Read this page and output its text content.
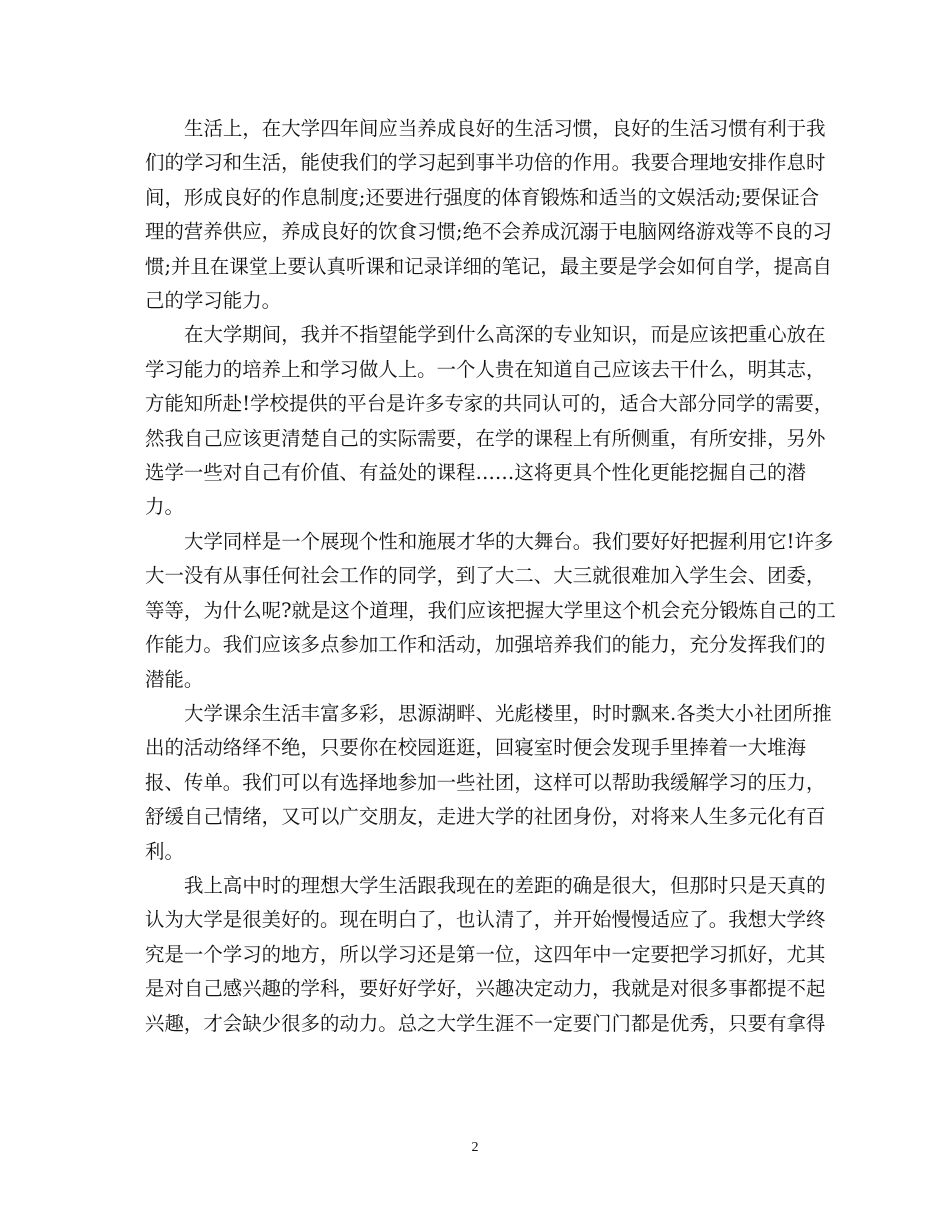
生活上，在大学四年间应当养成良好的生活习惯，良好的生活习惯有利于我
们的学习和生活，能使我们的学习起到事半功倍的作用。我要合理地安排作息时
间，形成良好的作息制度;还要进行强度的体育锻炼和适当的文娱活动;要保证合
理的营养供应，养成良好的饮食习惯;绝不会养成沉溺于电脑网络游戏等不良的习
惯;并且在课堂上要认真听课和记录详细的笔记，最主要是学会如何自学，提高自
己的学习能力。

在大学期间，我并不指望能学到什么高深的专业知识，而是应该把重心放在
学习能力的培养上和学习做人上。一个人贵在知道自己应该去干什么，明其志，
方能知所赴!学校提供的平台是许多专家的共同认可的，适合大部分同学的需要，
然我自己应该更清楚自己的实际需要，在学的课程上有所侧重，有所安排，另外
选学一些对自己有价值、有益处的课程……这将更具个性化更能挖掘自己的潜
力。

大学同样是一个展现个性和施展才华的大舞台。我们要好好把握利用它!许多
大一没有从事任何社会工作的同学，到了大二、大三就很难加入学生会、团委，
等等，为什么呢?就是这个道理，我们应该把握大学里这个机会充分锻炼自己的工
作能力。我们应该多点参加工作和活动，加强培养我们的能力，充分发挥我们的
潜能。

大学课余生活丰富多彩，思源湖畔、光彪楼里，时时飘来.各类大小社团所推
出的活动络绎不绝，只要你在校园逛逛，回寝室时便会发现手里捧着一大堆海
报、传单。我们可以有选择地参加一些社团，这样可以帮助我缓解学习的压力，
舒缓自己情绪，又可以广交朋友，走进大学的社团身份，对将来人生多元化有百
利。

我上高中时的理想大学生活跟我现在的差距的确是很大，但那时只是天真的
认为大学是很美好的。现在明白了，也认清了，并开始慢慢适应了。我想大学终
究是一个学习的地方，所以学习还是第一位，这四年中一定要把学习抓好，尤其
是对自己感兴趣的学科，要好好学好，兴趣决定动力，我就是对很多事都提不起
兴趣，才会缺少很多的动力。总之大学生涯不一定要门门都是优秀，只要有拿得

2
